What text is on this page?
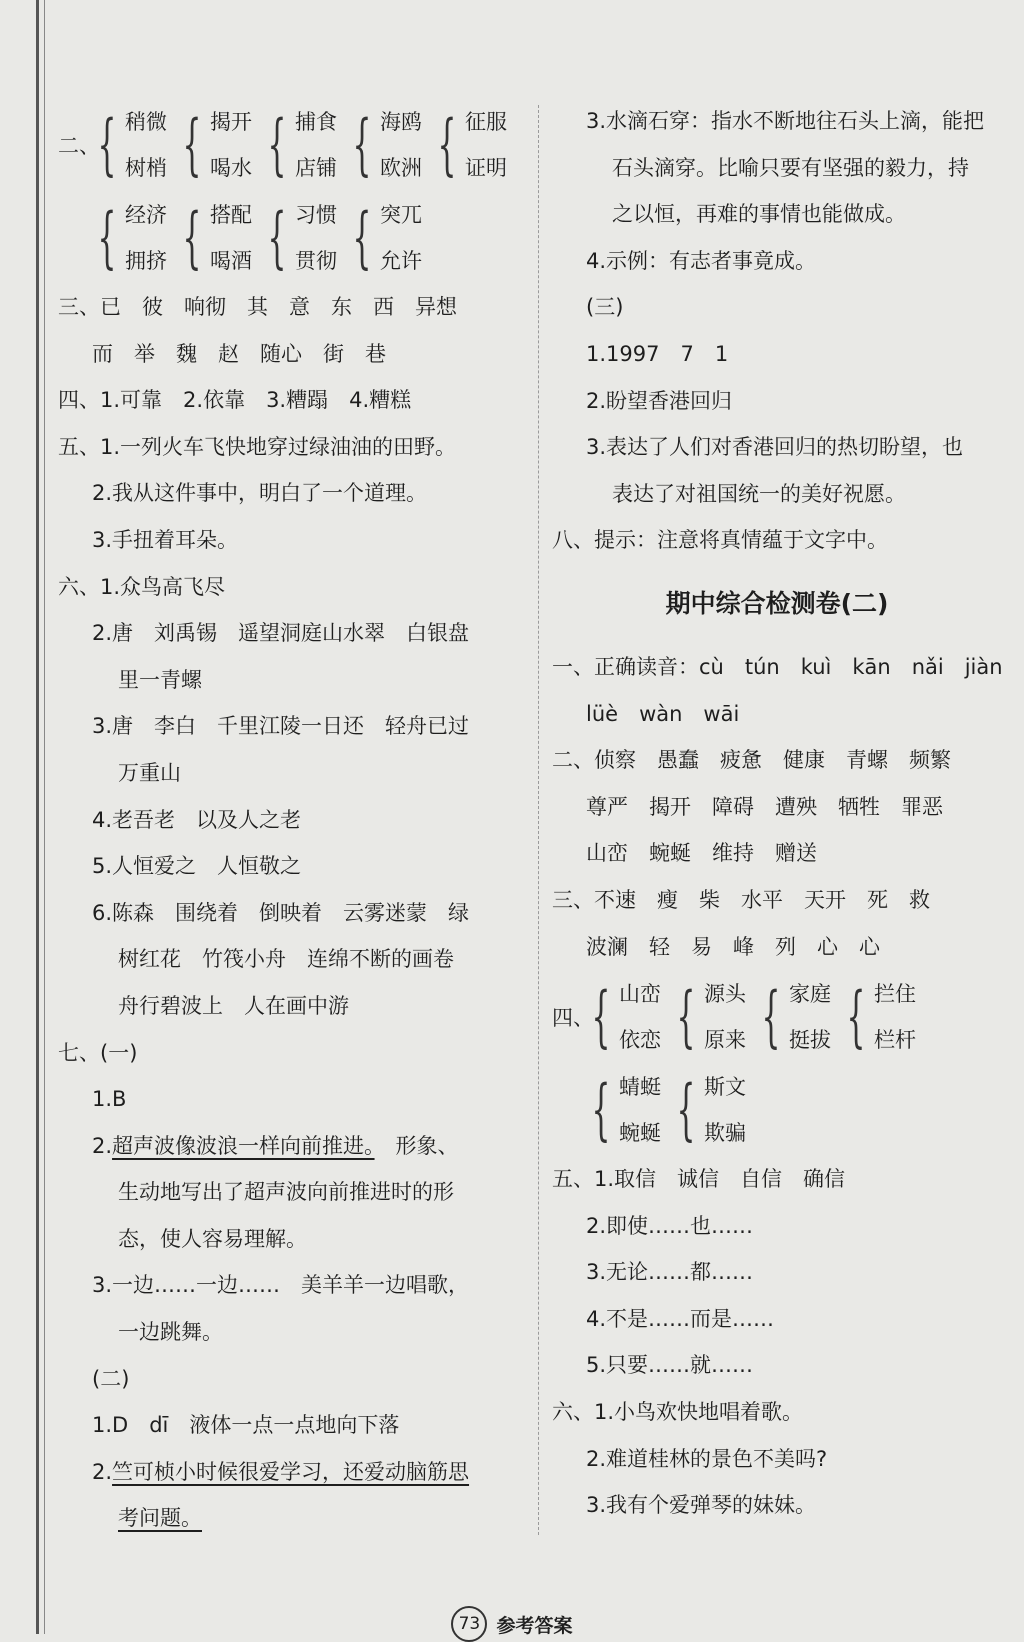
二、
{ 稍微
树梢 { 揭开
喝水 { 捕食
店铺 { 海鸥
欧洲 { 征服
证明
{ 经济
拥挤 { 搭配
喝酒 { 习惯
贯彻 { 突兀
允许
三、已　彼　响彻　其　意　东　西　异想
而　举　魏　赵　随心　街　巷
四、1.可靠　2.依靠　3.糟蹋　4.糟糕
五、1.一列火车飞快地穿过绿油油的田野。
2.我从这件事中，明白了一个道理。
3.手扭着耳朵。
六、1.众鸟高飞尽
2.唐　刘禹锡　遥望洞庭山水翠　白银盘
里一青螺
3.唐　李白　千里江陵一日还　轻舟已过
万重山
4.老吾老　以及人之老
5.人恒爱之　人恒敬之
6.陈森　围绕着　倒映着　云雾迷蒙　绿
树红花　竹筏小舟　连绵不断的画卷
舟行碧波上　人在画中游
七、(一)
1.B
2.超声波像波浪一样向前推进。　形象、
生动地写出了超声波向前推进时的形
态，使人容易理解。
3.一边……一边……　美羊羊一边唱歌，
一边跳舞。
(二)
1.D　dī　液体一点一点地向下落
2.竺可桢小时候很爱学习，还爱动脑筋思
考问题。
3.水滴石穿：指水不断地往石头上滴，能把
石头滴穿。比喻只要有坚强的毅力，持
之以恒，再难的事情也能做成。
4.示例：有志者事竟成。
(三)
1.1997　7　1
2.盼望香港回归
3.表达了人们对香港回归的热切盼望，也
表达了对祖国统一的美好祝愿。
八、提示：注意将真情蕴于文字中。
期中综合检测卷(二)
一、正确读音：cù　tún　kuì　kān　nǎi　jiàn
lüè　wàn　wāi
二、侦察　愚蠢　疲惫　健康　青螺　频繁
尊严　揭开　障碍　遭殃　牺牲　罪恶
山峦　蜿蜒　维持　赠送
三、不速　瘦　柴　水平　天开　死　救
波澜　轻　易　峰　列　心　心
四、
{ 山峦
依恋 { 源头
原来 { 家庭
挺拔 { 拦住
栏杆
{ 蜻蜓
蜿蜒 { 斯文
欺骗
五、1.取信　诚信　自信　确信
2.即使……也……
3.无论……都……
4.不是……而是……
5.只要……就……
六、1.小鸟欢快地唱着歌。
2.难道桂林的景色不美吗?
3.我有个爱弹琴的妹妹。
73 参考答案
